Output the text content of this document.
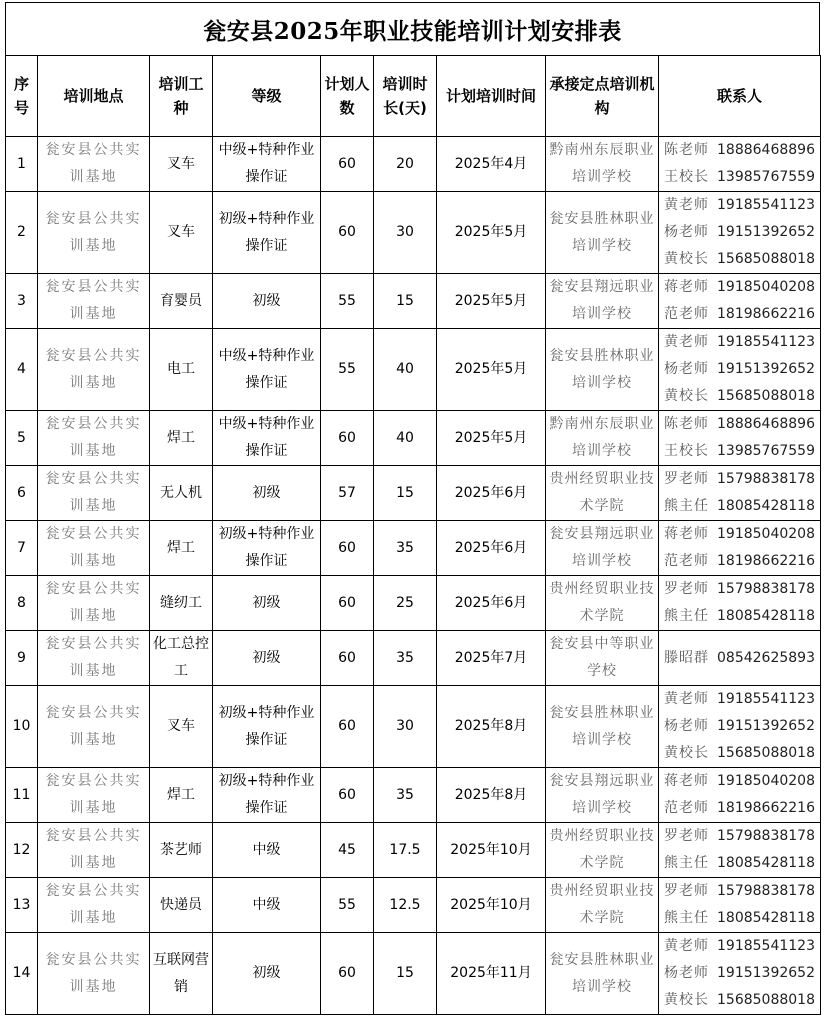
瓮安县2025年职业技能培训计划安排表
序号	培训地点	培训工种	等级	计划人数	培训时长(天)	计划培训时间	承接定点培训机构	联系人
1	瓮安县公共实训基地	叉车	中级+特种作业操作证	60	20	2025年4月	黔南州东辰职业培训学校	陈老师 18886468896
王校长 13985767559

2	瓮安县公共实训基地	叉车	初级+特种作业操作证	60	30	2025年5月	瓮安县胜林职业培训学校	黄老师 19185541123
杨老师 19151392652
黄校长 15685088018

3	瓮安县公共实训基地	育婴员	初级	55	15	2025年5月	瓮安县翔远职业培训学校	蒋老师 19185040208
范老师 18198662216

4	瓮安县公共实训基地	电工	中级+特种作业操作证	55	40	2025年5月	瓮安县胜林职业培训学校	黄老师 19185541123
杨老师 19151392652
黄校长 15685088018

5	瓮安县公共实训基地	焊工	中级+特种作业操作证	60	40	2025年5月	黔南州东辰职业培训学校	陈老师 18886468896
王校长 13985767559

6	瓮安县公共实训基地	无人机	初级	57	15	2025年6月	贵州经贸职业技术学院	罗老师 15798838178
熊主任 18085428118

7	瓮安县公共实训基地	焊工	初级+特种作业操作证	60	35	2025年6月	瓮安县翔远职业培训学校	蒋老师 19185040208
范老师 18198662216

8	瓮安县公共实训基地	缝纫工	初级	60	25	2025年6月	贵州经贸职业技术学院	罗老师 15798838178
熊主任 18085428118

9	瓮安县公共实训基地	化工总控工	初级	60	35	2025年7月	瓮安县中等职业学校	滕昭群 08542625893

10	瓮安县公共实训基地	叉车	初级+特种作业操作证	60	30	2025年8月	瓮安县胜林职业培训学校	黄老师 19185541123
杨老师 19151392652
黄校长 15685088018

11	瓮安县公共实训基地	焊工	初级+特种作业操作证	60	35	2025年8月	瓮安县翔远职业培训学校	蒋老师 19185040208
范老师 18198662216

12	瓮安县公共实训基地	茶艺师	中级	45	17.5	2025年10月	贵州经贸职业技术学院	罗老师 15798838178
熊主任 18085428118

13	瓮安县公共实训基地	快递员	中级	55	12.5	2025年10月	贵州经贸职业技术学院	罗老师 15798838178
熊主任 18085428118

14	瓮安县公共实训基地	互联网营销	初级	60	15	2025年11月	瓮安县胜林职业培训学校	黄老师 19185541123
杨老师 19151392652
黄校长 15685088018
